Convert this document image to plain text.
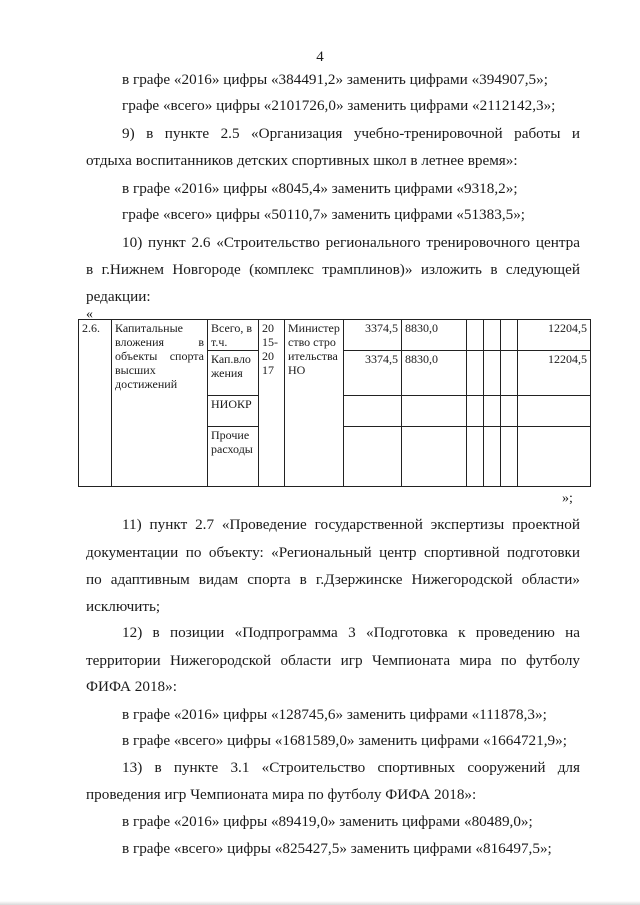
4
в графе «2016» цифры «384491,2» заменить цифрами «394907,5»;
графе «всего» цифры «2101726,0» заменить цифрами «2112142,3»;
9) в пункте 2.5 «Организация учебно-тренировочной работы и
отдыха воспитанников детских спортивных школ в летнее время»:
в графе «2016» цифры «8045,4» заменить цифрами «9318,2»;
графе «всего» цифры «50110,7» заменить цифрами «51383,5»;
10) пункт 2.6 «Строительство регионального тренировочного центра
в г.Нижнем Новгороде (комплекс трамплинов)» изложить в следующей
редакции:
«
2.6.	Капитальные вложения в объекты спорта высших достижений	Всего, в т.ч.	20 15-20 17	Министерство строительства НО	3374,5	8830,0				12204,5
		Кап.вложения			3374,5	8830,0				12204,5
		НИОКР								
		Прочие расходы								
»;
11) пункт 2.7 «Проведение государственной экспертизы проектной
документации по объекту: «Региональный центр спортивной подготовки
по адаптивным видам спорта в г.Дзержинске Нижегородской области»
исключить;
12) в позиции «Подпрограмма 3 «Подготовка к проведению на
территории Нижегородской области игр Чемпионата мира по футболу
ФИФА 2018»:
в графе «2016» цифры «128745,6» заменить цифрами «111878,3»;
в графе «всего» цифры «1681589,0» заменить цифрами «1664721,9»;
13) в пункте 3.1 «Строительство спортивных сооружений для
проведения игр Чемпионата мира по футболу ФИФА 2018»:
в графе «2016» цифры «89419,0» заменить цифрами «80489,0»;
в графе «всего» цифры «825427,5» заменить цифрами «816497,5»;
